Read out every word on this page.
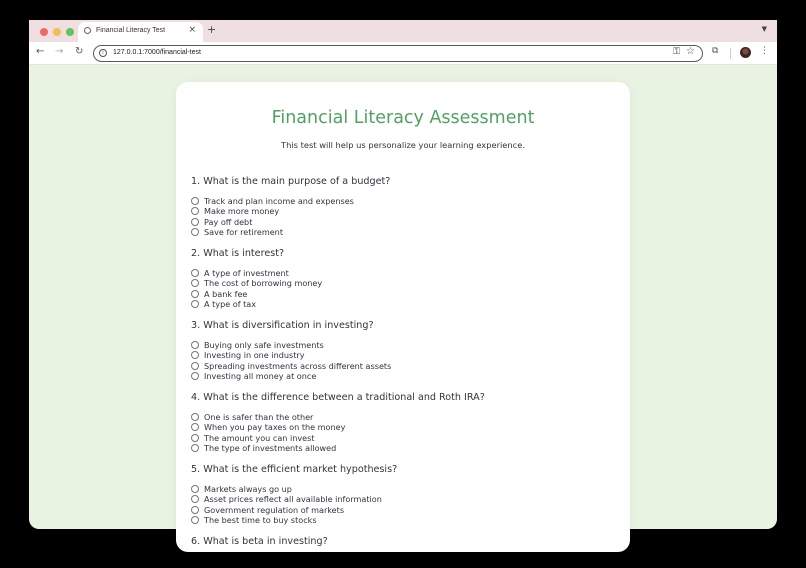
Financial Literacy Test	× +	▼
← → ↻	i	127.0.0.1:7000/financial-test	⚿ ☆ ⧉	⋮
Financial Literacy Assessment
This test will help us personalize your learning experience.
1. What is the main purpose of a budget?
Track and plan income and expenses
Make more money
Pay off debt
Save for retirement
2. What is interest?
A type of investment
The cost of borrowing money
A bank fee
A type of tax
3. What is diversification in investing?
Buying only safe investments
Investing in one industry
Spreading investments across different assets
Investing all money at once
4. What is the difference between a traditional and Roth IRA?
One is safer than the other
When you pay taxes on the money
The amount you can invest
The type of investments allowed
5. What is the efficient market hypothesis?
Markets always go up
Asset prices reflect all available information
Government regulation of markets
The best time to buy stocks
6. What is beta in investing?
